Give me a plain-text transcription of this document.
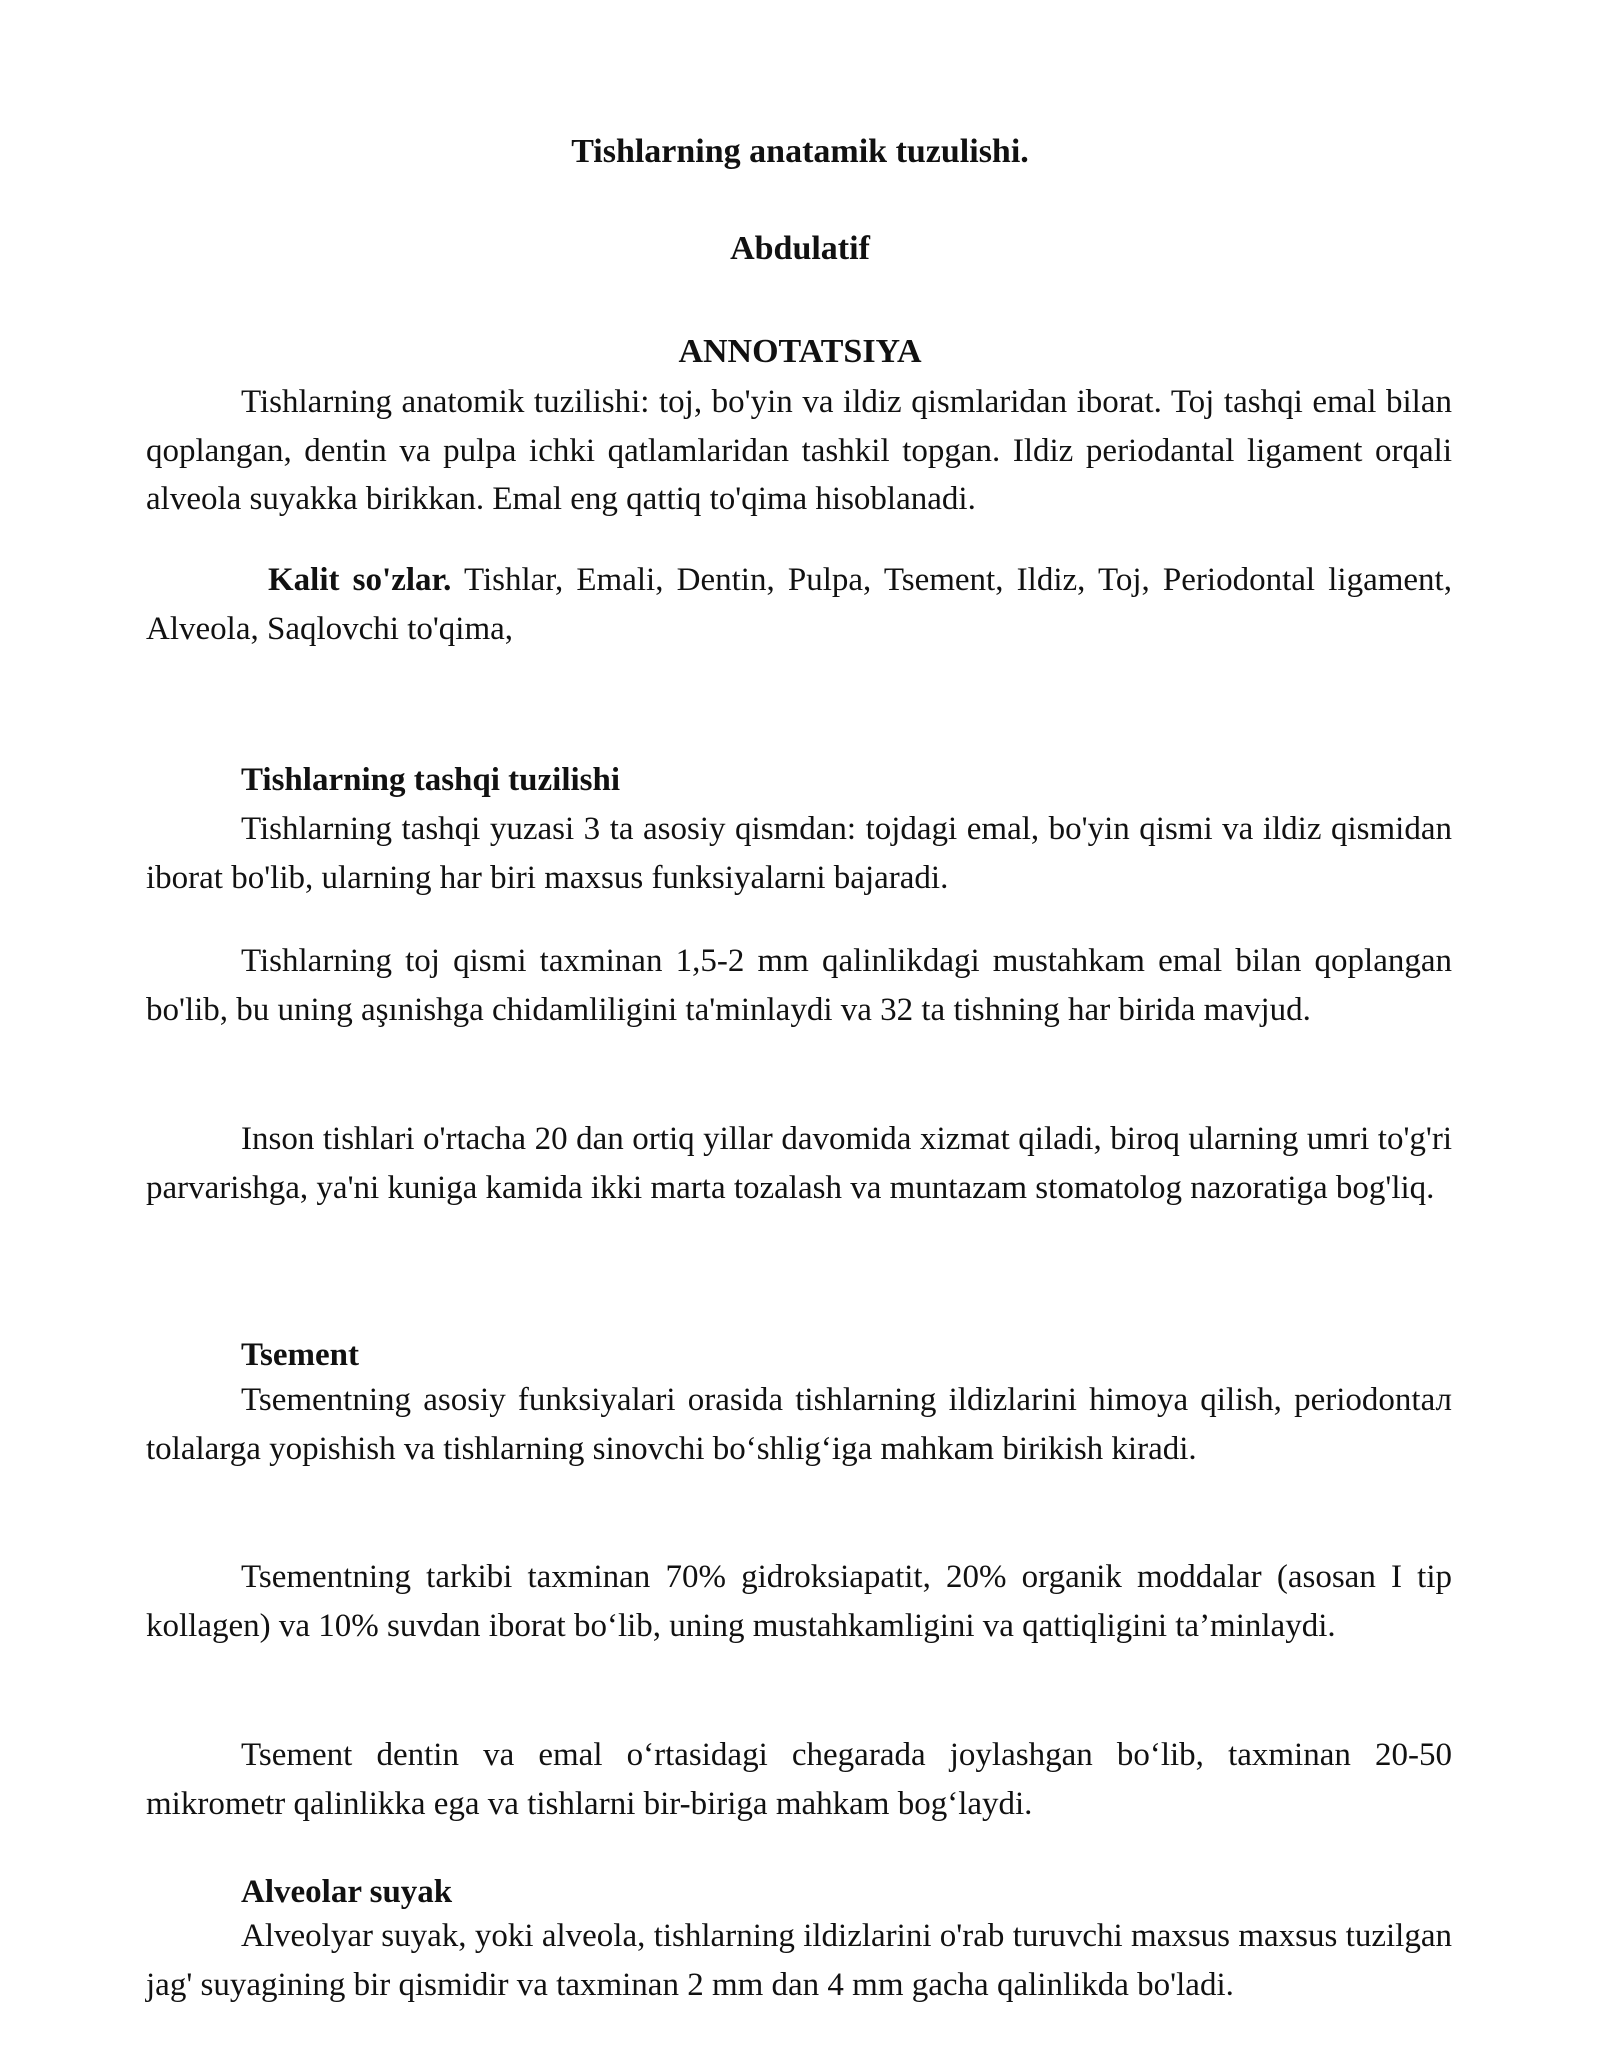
Tishlarning anatamik tuzulishi.
Abdulatif
ANNOTATSIYA
Tishlarning anatomik tuzilishi: toj, bo'yin va ildiz qismlaridan iborat. Toj tashqi emal bilan qoplangan, dentin va pulpa ichki qatlamlaridan tashkil topgan. Ildiz periodantal ligament orqali alveola suyakka birikkan. Emal eng qattiq to'qima hisoblanadi.
Kalit so'zlar. Tishlar, Emali, Dentin, Pulpa, Tsement, Ildiz, Toj, Periodontal ligament, Alveola, Saqlovchi to'qima,
Tishlarning tashqi tuzilishi
Tishlarning tashqi yuzasi 3 ta asosiy qismdan: tojdagi emal, bo'yin qismi va ildiz qismidan iborat bo'lib, ularning har biri maxsus funksiyalarni bajaradi.
Tishlarning toj qismi taxminan 1,5-2 mm qalinlikdagi mustahkam emal bilan qoplangan bo'lib, bu uning aşınishga chidamliligini ta'minlaydi va 32 ta tishning har birida mavjud.
Inson tishlari o'rtacha 20 dan ortiq yillar davomida xizmat qiladi, biroq ularning umri to'g'ri parvarishga, ya'ni kuniga kamida ikki marta tozalash va muntazam stomatolog nazoratiga bog'liq.
Tsement
Tsementning asosiy funksiyalari orasida tishlarning ildizlarini himoya qilish, periodontал tolalarga yopishish va tishlarning sinovchi bo‘shlig‘iga mahkam birikish kiradi.
Tsementning tarkibi taxminan 70% gidroksiapatit, 20% organik moddalar (asosan I tip kollagen) va 10% suvdan iborat bo‘lib, uning mustahkamligini va qattiqligini ta’minlaydi.
Tsement dentin va emal o‘rtasidagi chegarada joylashgan bo‘lib, taxminan 20-50 mikrometr qalinlikka ega va tishlarni bir-biriga mahkam bog‘laydi.
Alveolar suyak
Alveolyar suyak, yoki alveola, tishlarning ildizlarini o'rab turuvchi maxsus maxsus tuzilgan jag' suyagining bir qismidir va taxminan 2 mm dan 4 mm gacha qalinlikda bo'ladi.
